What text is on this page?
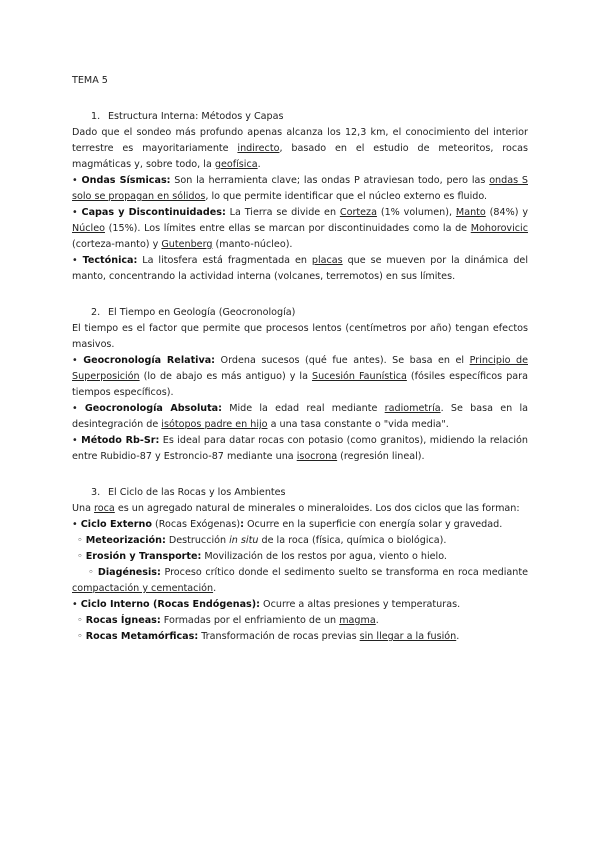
TEMA 5

1. Estructura Interna: Métodos y Capas

Dado que el sondeo más profundo apenas alcanza los 12,3 km, el conocimiento del interior terrestre es mayoritariamente indirecto, basado en el estudio de meteoritos, rocas magmáticas y, sobre todo, la geofísica.

• Ondas Sísmicas: Son la herramienta clave; las ondas P atraviesan todo, pero las ondas S solo se propagan en sólidos, lo que permite identificar que el núcleo externo es fluido.

• Capas y Discontinuidades: La Tierra se divide en Corteza (1% volumen), Manto (84%) y Núcleo (15%). Los límites entre ellas se marcan por discontinuidades como la de Mohorovicic (corteza-manto) y Gutenberg (manto-núcleo).

• Tectónica: La litosfera está fragmentada en placas que se mueven por la dinámica del manto, concentrando la actividad interna (volcanes, terremotos) en sus límites.

2. El Tiempo en Geología (Geocronología)

El tiempo es el factor que permite que procesos lentos (centímetros por año) tengan efectos masivos.

• Geocronología Relativa: Ordena sucesos (qué fue antes). Se basa en el Principio de Superposición (lo de abajo es más antiguo) y la Sucesión Faunística (fósiles específicos para tiempos específicos).

• Geocronología Absoluta: Mide la edad real mediante radiometría. Se basa en la desintegración de isótopos padre en hijo a una tasa constante o "vida media".

• Método Rb-Sr: Es ideal para datar rocas con potasio (como granitos), midiendo la relación entre Rubidio-87 y Estroncio-87 mediante una isocrona (regresión lineal).

3. El Ciclo de las Rocas y los Ambientes

Una roca es un agregado natural de minerales o mineraloides. Los dos ciclos que las forman:

• Ciclo Externo (Rocas Exógenas): Ocurre en la superficie con energía solar y gravedad.

◦ Meteorización: Destrucción in situ de la roca (física, química o biológica).

◦ Erosión y Transporte: Movilización de los restos por agua, viento o hielo.

◦ Diagénesis: Proceso crítico donde el sedimento suelto se transforma en roca mediante compactación y cementación.

• Ciclo Interno (Rocas Endógenas): Ocurre a altas presiones y temperaturas.

◦ Rocas Ígneas: Formadas por el enfriamiento de un magma.

◦ Rocas Metamórficas: Transformación de rocas previas sin llegar a la fusión.
